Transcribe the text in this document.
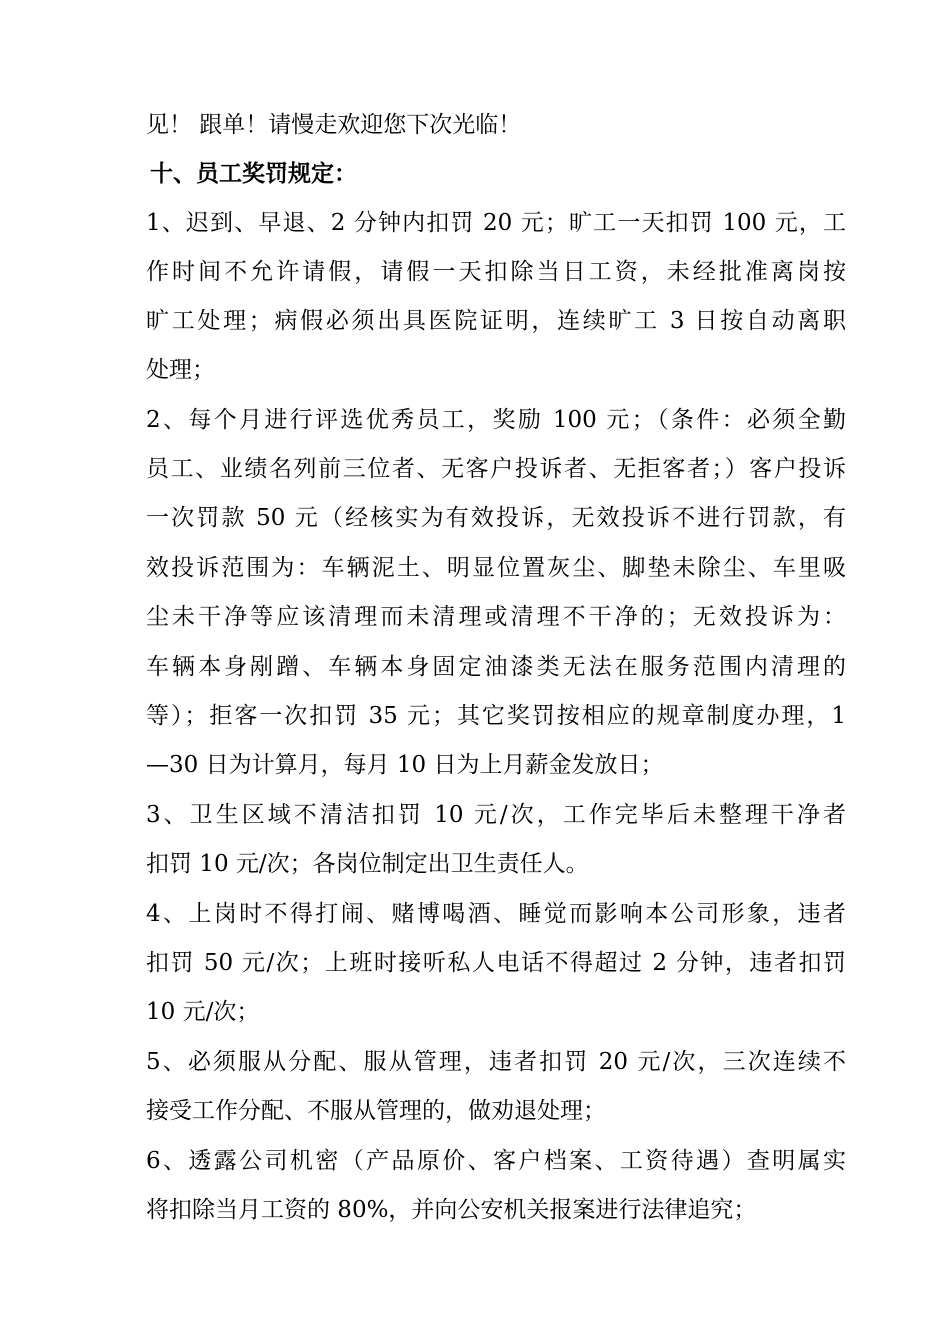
见！ 跟单！请慢走欢迎您下次光临！
十、员工奖罚规定：
1、迟到、早退、2 分钟内扣罚 20 元；旷工一天扣罚 100 元，工
作时间不允许请假，请假一天扣除当日工资，未经批准离岗按
旷工处理；病假必须出具医院证明，连续旷工 3 日按自动离职
处理；
2、每个月进行评选优秀员工，奖励 100 元；（条件：必须全勤
员工、业绩名列前三位者、无客户投诉者、无拒客者；）客户投诉
一次罚款 50 元（经核实为有效投诉，无效投诉不进行罚款，有
效投诉范围为：车辆泥土、明显位置灰尘、脚垫未除尘、车里吸
尘未干净等应该清理而未清理或清理不干净的；无效投诉为：
车辆本身剐蹭、车辆本身固定油漆类无法在服务范围内清理的
等）；拒客一次扣罚 35 元；其它奖罚按相应的规章制度办理，1
—30 日为计算月，每月 10 日为上月薪金发放日；
3、卫生区域不清洁扣罚 10 元/次，工作完毕后未整理干净者
扣罚 10 元/次；各岗位制定出卫生责任人。
4、上岗时不得打闹、赌博喝酒、睡觉而影响本公司形象，违者
扣罚 50 元/次；上班时接听私人电话不得超过 2 分钟，违者扣罚
10 元/次；
5、必须服从分配、服从管理，违者扣罚 20 元/次，三次连续不
接受工作分配、不服从管理的，做劝退处理；
6、透露公司机密（产品原价、客户档案、工资待遇）查明属实
将扣除当月工资的 80%，并向公安机关报案进行法律追究；
